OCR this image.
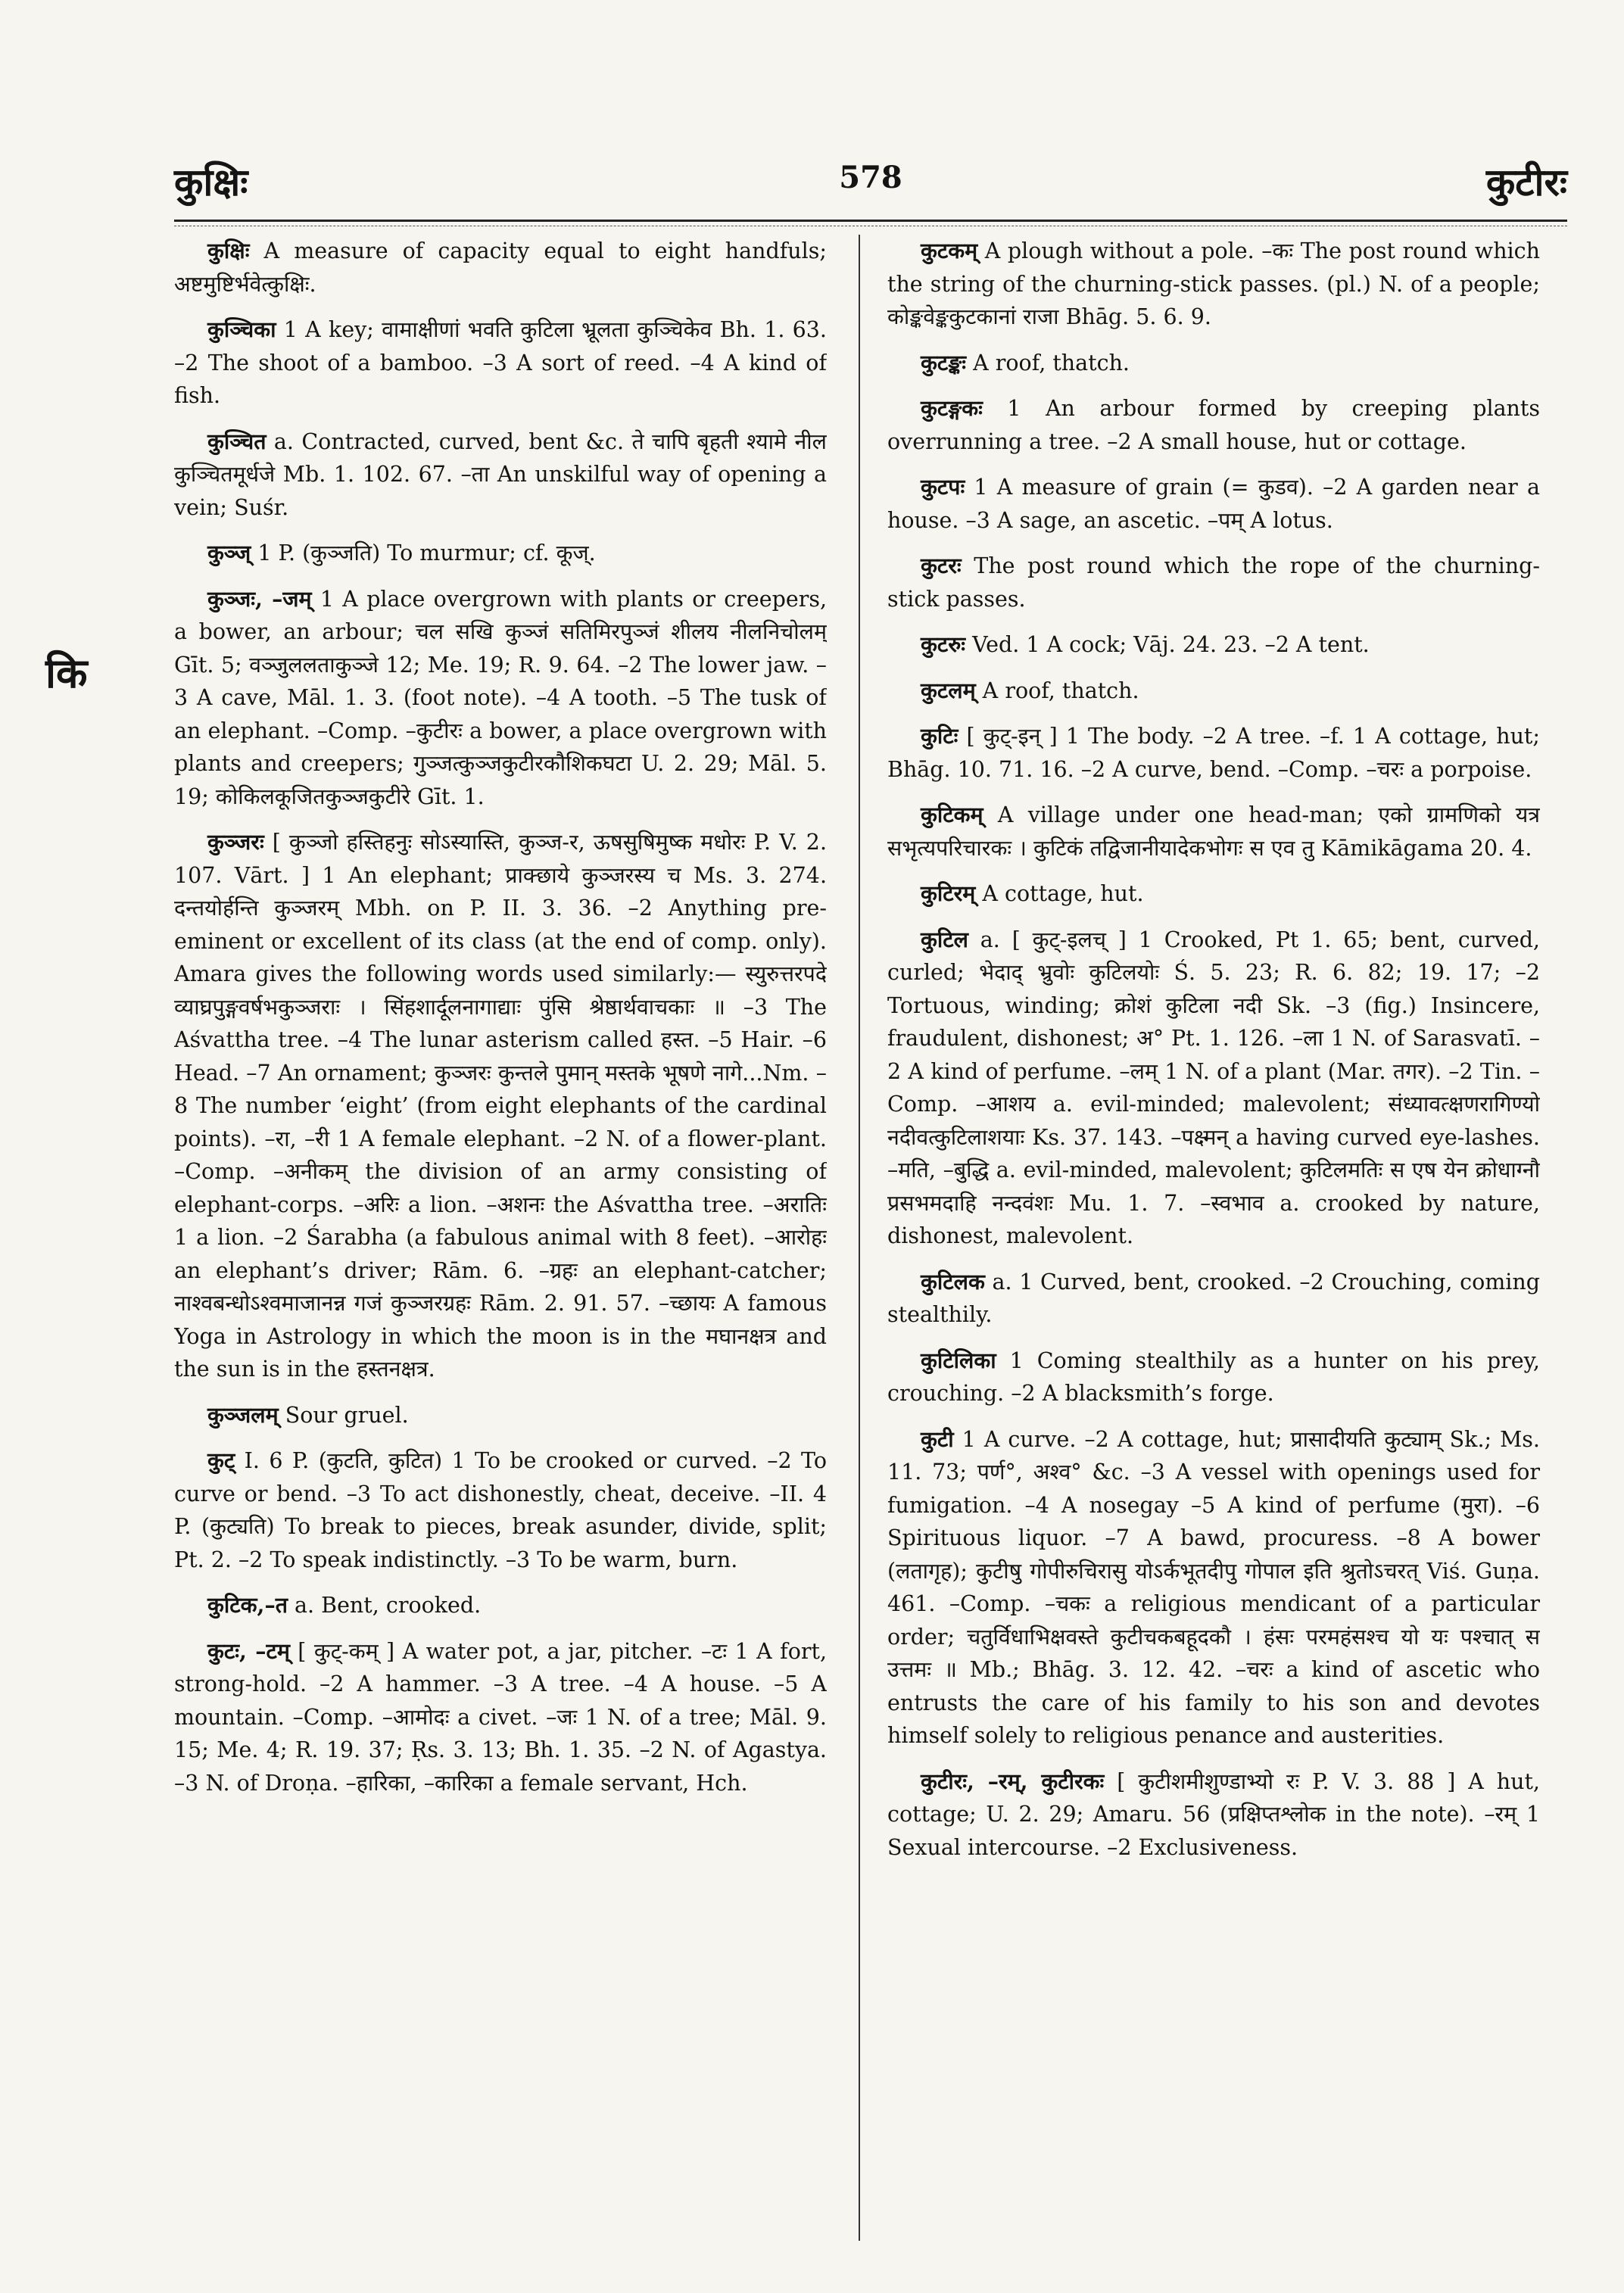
कुक्षिः	578	कुटीरः
कि

कुक्षिः A measure of capacity equal to eight handfuls; अष्टमुष्टिर्भवेत्कुक्षिः.

कुञ्चिका 1 A key; वामाक्षीणां भवति कुटिला भ्रूलता कुञ्चिकेव Bh. 1. 63. –2 The shoot of a bamboo. –3 A sort of reed. –4 A kind of fish.

कुञ्चित a. Contracted, curved, bent &c. ते चापि बृहती श्यामे नील कुञ्चितमूर्धजे Mb. 1. 102. 67. –ता An unskilful way of opening a vein; Suśr.

कुञ्ज् 1 P. (कुञ्जति) To murmur; cf. कूज्.

कुञ्जः, –जम् 1 A place overgrown with plants or creepers, a bower, an arbour; चल सखि कुञ्जं सतिमिरपुञ्जं शीलय नीलनिचोलम् Gīt. 5; वञ्जुललताकुञ्जे 12; Me. 19; R. 9. 64. –2 The lower jaw. –3 A cave, Māl. 1. 3. (foot note). –4 A tooth. –5 The tusk of an elephant. –Comp. –कुटीरः a bower, a place overgrown with plants and creepers; गुञ्जत्कुञ्जकुटीरकौशिकघटा U. 2. 29; Māl. 5. 19; कोकिलकूजितकुञ्जकुटीरे Gīt. 1.

कुञ्जरः [ कुञ्जो हस्तिहनुः सोऽस्यास्ति, कुञ्ज-र, ऊषसुषिमुष्क मधोरः P. V. 2. 107. Vārt. ] 1 An elephant; प्राक्छाये कुञ्जरस्य च Ms. 3. 274. दन्तयोर्हन्ति कुञ्जरम् Mbh. on P. II. 3. 36. –2 Anything pre-eminent or excellent of its class (at the end of comp. only). Amara gives the following words used similarly:— स्युरुत्तरपदे व्याघ्रपुङ्गवर्षभकुञ्जराः । सिंहशार्दूलनागाद्याः पुंसि श्रेष्ठार्थवाचकाः ॥ –3 The Aśvattha tree. –4 The lunar asterism called हस्त. –5 Hair. –6 Head. –7 An ornament; कुञ्जरः कुन्तले पुमान् मस्तके भूषणे नागे...Nm. –8 The number ‘eight’ (from eight elephants of the cardinal points). –रा, –री 1 A female elephant. –2 N. of a flower-plant. –Comp. –अनीकम् the division of an army consisting of elephant-corps. –अरिः a lion. –अशनः the Aśvattha tree. –अरातिः 1 a lion. –2 Śarabha (a fabulous animal with 8 feet). –आरोहः an elephant’s driver; Rām. 6. –ग्रहः an elephant-catcher; नाश्वबन्धोऽश्वमाजानन्न गजं कुञ्जरग्रहः Rām. 2. 91. 57. –च्छायः A famous Yoga in Astrology in which the moon is in the मघानक्षत्र and the sun is in the हस्तनक्षत्र.

कुञ्जलम् Sour gruel.

कुट् I. 6 P. (कुटति, कुटित) 1 To be crooked or curved. –2 To curve or bend. –3 To act dishonestly, cheat, deceive. –II. 4 P. (कुट्यति) To break to pieces, break asunder, divide, split; Pt. 2. –2 To speak indistinctly. –3 To be warm, burn.

कुटिक,–त a. Bent, crooked.

कुटः, –टम् [ कुट्-कम् ] A water pot, a jar, pitcher. –टः 1 A fort, strong-hold. –2 A hammer. –3 A tree. –4 A house. –5 A mountain. –Comp. –आमोदः a civet. –जः 1 N. of a tree; Māl. 9. 15; Me. 4; R. 19. 37; Ṛs. 3. 13; Bh. 1. 35. –2 N. of Agastya. –3 N. of Droṇa. –हारिका, –कारिका a female servant, Hch.

कुटकम् A plough without a pole. –कः The post round which the string of the churning-stick passes. (pl.) N. of a people; कोङ्कवेङ्ककुटकानां राजा Bhāg. 5. 6. 9.

कुटङ्कः A roof, thatch.

कुटङ्गकः 1 An arbour formed by creeping plants overrunning a tree. –2 A small house, hut or cottage.

कुटपः 1 A measure of grain (= कुडव). –2 A garden near a house. –3 A sage, an ascetic. –पम् A lotus.

कुटरः The post round which the rope of the churning-stick passes.

कुटरुः Ved. 1 A cock; Vāj. 24. 23. –2 A tent.

कुटलम् A roof, thatch.

कुटिः [ कुट्-इन् ] 1 The body. –2 A tree. –f. 1 A cottage, hut; Bhāg. 10. 71. 16. –2 A curve, bend. –Comp. –चरः a porpoise.

कुटिकम् A village under one head-man; एको ग्रामणिको यत्र सभृत्यपरिचारकः । कुटिकं तद्विजानीयादेकभोगः स एव तु Kāmikāgama 20. 4.

कुटिरम् A cottage, hut.

कुटिल a. [ कुट्-इलच् ] 1 Crooked, Pt 1. 65; bent, curved, curled; भेदाद् भ्रुवोः कुटिलयोः Ś. 5. 23; R. 6. 82; 19. 17; –2 Tortuous, winding; क्रोशं कुटिला नदी Sk. –3 (fig.) Insincere, fraudulent, dishonest; अ° Pt. 1. 126. –ला 1 N. of Sarasvatī. –2 A kind of perfume. –लम् 1 N. of a plant (Mar. तगर). –2 Tin. –Comp. –आशय a. evil-minded; malevolent; संध्यावत्क्षणरागिण्यो नदीवत्कुटिलाशयाः Ks. 37. 143. –पक्ष्मन् a having curved eye-lashes. –मति, –बुद्धि a. evil-minded, malevolent; कुटिलमतिः स एष येन क्रोधाग्नौ प्रसभमदाहि नन्दवंशः Mu. 1. 7. –स्वभाव a. crooked by nature, dishonest, malevolent.

कुटिलक a. 1 Curved, bent, crooked. –2 Crouching, coming stealthily.

कुटिलिका 1 Coming stealthily as a hunter on his prey, crouching. –2 A blacksmith’s forge.

कुटी 1 A curve. –2 A cottage, hut; प्रासादीयति कुट्याम् Sk.; Ms. 11. 73; पर्ण°, अश्व° &c. –3 A vessel with openings used for fumigation. –4 A nosegay –5 A kind of perfume (मुरा). –6 Spirituous liquor. –7 A bawd, procuress. –8 A bower (लतागृह); कुटीषु गोपीरुचिरासु योऽर्कभूतदीपु गोपाल इति श्रुतोऽचरत् Viś. Guṇa. 461. –Comp. –चकः a religious mendicant of a particular order; चतुर्विधाभिक्षवस्ते कुटीचकबहूदकौ । हंसः परमहंसश्च यो यः पश्चात् स उत्तमः ॥ Mb.; Bhāg. 3. 12. 42. –चरः a kind of ascetic who entrusts the care of his family to his son and devotes himself solely to religious penance and austerities.

कुटीरः, –रम्, कुटीरकः [ कुटीशमीशुण्डाभ्यो रः P. V. 3. 88 ] A hut, cottage; U. 2. 29; Amaru. 56 (प्रक्षिप्तश्लोक in the note). –रम् 1 Sexual intercourse. –2 Exclusiveness.
